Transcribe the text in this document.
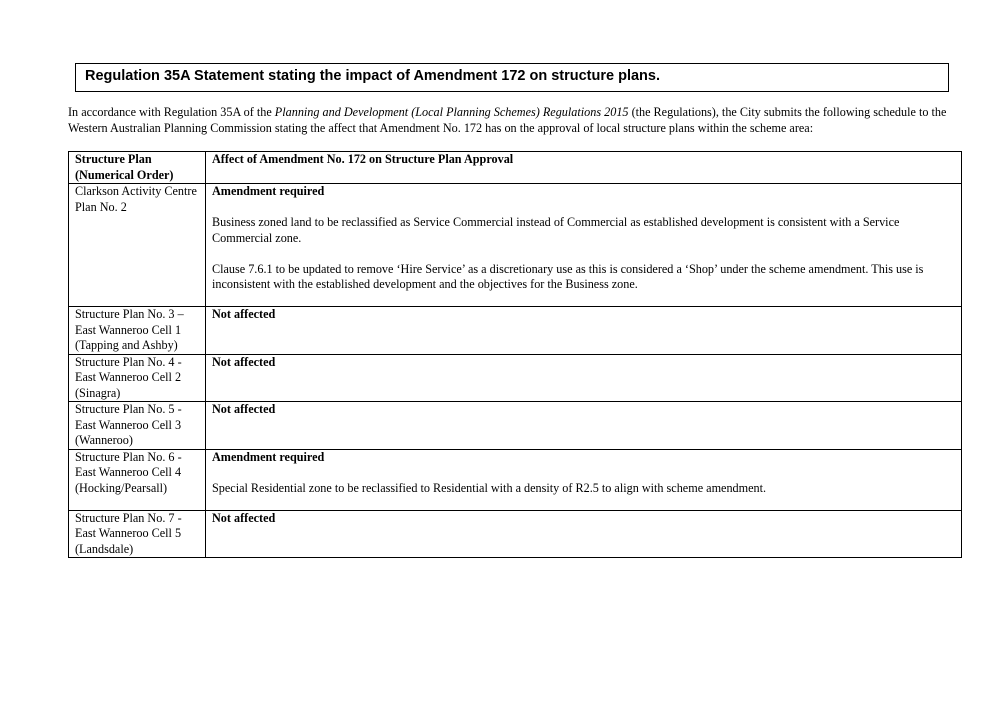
Regulation 35A Statement stating the impact of Amendment 172 on structure plans.
In accordance with Regulation 35A of the Planning and Development (Local Planning Schemes) Regulations 2015 (the Regulations), the City submits the following schedule to the Western Australian Planning Commission stating the affect that Amendment No. 172 has on the approval of local structure plans within the scheme area:
Structure Plan
(Numerical Order)	Affect of Amendment No. 172 on Structure Plan Approval
Clarkson Activity Centre Plan No. 2	Amendment required
Business zoned land to be reclassified as Service Commercial instead of Commercial as established development is consistent with a Service Commercial zone.
Clause 7.6.1 to be updated to remove ‘Hire Service’ as a discretionary use as this is considered a ‘Shop’ under the scheme amendment. This use is inconsistent with the established development and the objectives for the Business zone.

Structure Plan No. 3 – East Wanneroo Cell 1 (Tapping and Ashby)	Not affected

Structure Plan No. 4 - East Wanneroo Cell 2 (Sinagra)	Not affected

Structure Plan No. 5 - East Wanneroo Cell 3 (Wanneroo)	Not affected

Structure Plan No. 6 - East Wanneroo Cell 4 (Hocking/Pearsall)	Amendment required
Special Residential zone to be reclassified to Residential with a density of R2.5 to align with scheme amendment.

Structure Plan No. 7 - East Wanneroo Cell 5 (Landsdale)	Not affected
